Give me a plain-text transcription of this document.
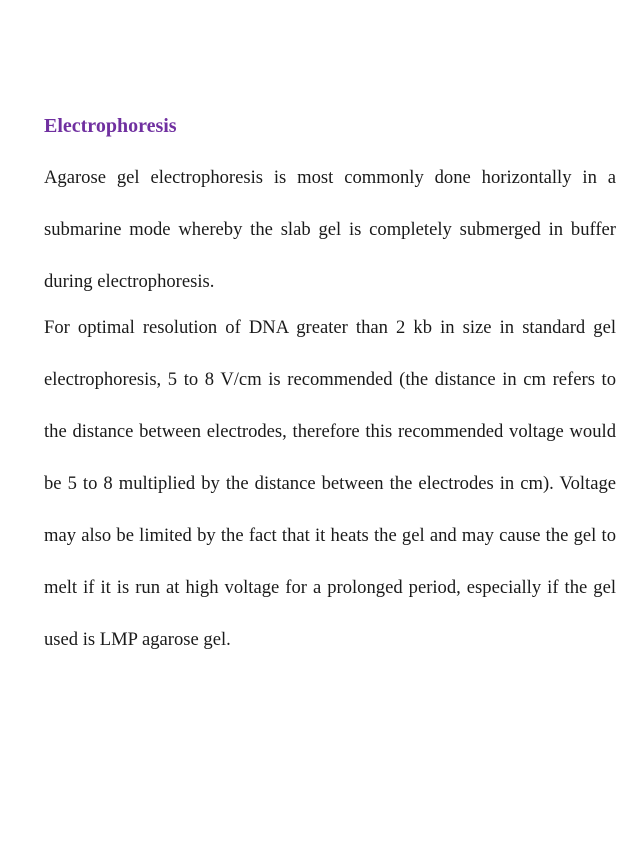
Electrophoresis

Agarose gel electrophoresis is most commonly done horizontally in a submarine mode whereby the slab gel is completely submerged in buffer during electrophoresis.

For optimal resolution of DNA greater than 2 kb in size in standard gel electrophoresis, 5 to 8 V/cm is recommended (the distance in cm refers to the distance between electrodes, therefore this recommended voltage would be 5 to 8 multiplied by the distance between the electrodes in cm). Voltage may also be limited by the fact that it heats the gel and may cause the gel to melt if it is run at high voltage for a prolonged period, especially if the gel used is LMP agarose gel.
